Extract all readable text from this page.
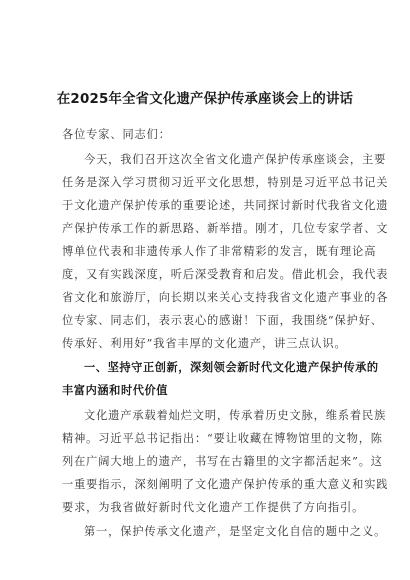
在2025年全省文化遗产保护传承座谈会上的讲话
各位专家、同志们：
今天，我们召开这次全省文化遗产保护传承座谈会，主要
任务是深入学习贯彻习近平文化思想，特别是习近平总书记关
于文化遗产保护传承的重要论述，共同探讨新时代我省文化遗
产保护传承工作的新思路、新举措。刚才，几位专家学者、文
博单位代表和非遗传承人作了非常精彩的发言，既有理论高
度，又有实践深度，听后深受教育和启发。借此机会，我代表
省文化和旅游厅，向长期以来关心支持我省文化遗产事业的各
位专家、同志们，表示衷心的感谢！下面，我围绕“保护好、
传承好、利用好”我省丰厚的文化遗产，讲三点认识。
一、坚持守正创新，深刻领会新时代文化遗产保护传承的
丰富内涵和时代价值
文化遗产承载着灿烂文明，传承着历史文脉，维系着民族
精神。习近平总书记指出：“要让收藏在博物馆里的文物，陈
列在广阔大地上的遗产，书写在古籍里的文字都活起来”。这
一重要指示，深刻阐明了文化遗产保护传承的重大意义和实践
要求，为我省做好新时代文化遗产工作提供了方向指引。
第一，保护传承文化遗产，是坚定文化自信的题中之义。
